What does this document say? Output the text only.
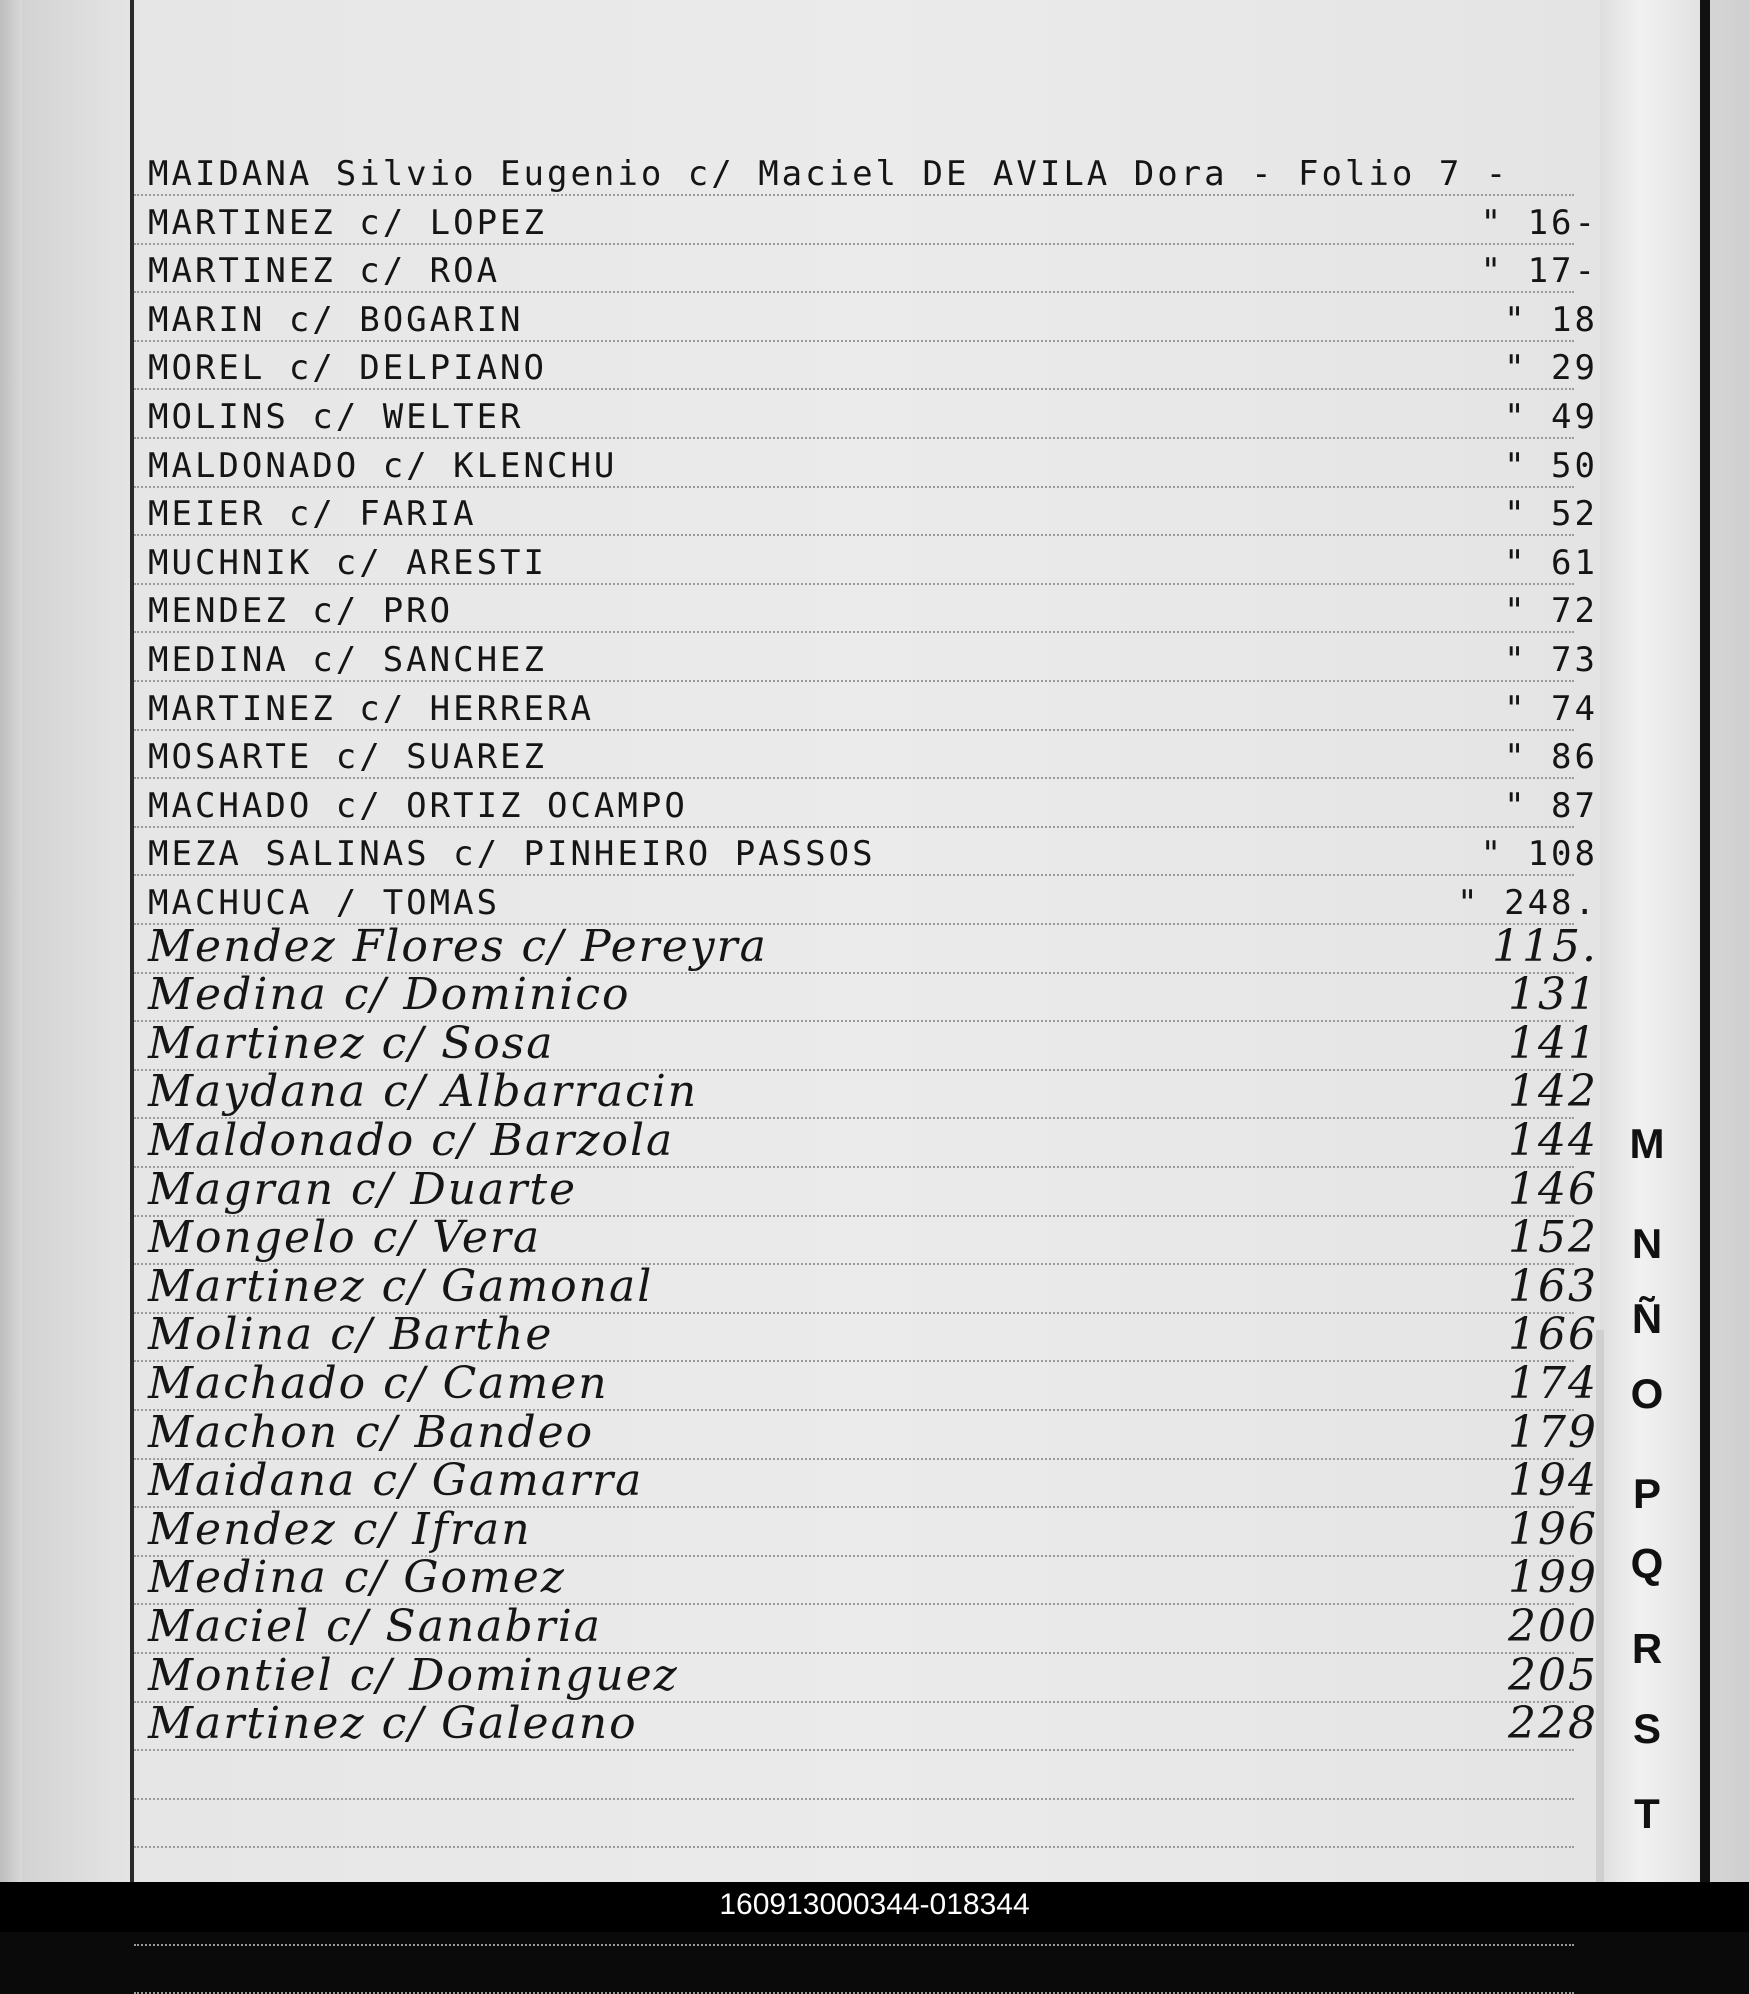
MAIDANA Silvio Eugenio c/ Maciel DE AVILA Dora - Folio 7 -
MARTINEZ c/ LOPEZ	" 16-
MARTINEZ c/ ROA	" 17-
MARIN c/ BOGARIN	" 18
MOREL c/ DELPIANO	" 29
MOLINS c/ WELTER	" 49
MALDONADO c/ KLENCHU	" 50
MEIER c/ FARIA	" 52
MUCHNIK c/ ARESTI	" 61
MENDEZ c/ PRO	" 72
MEDINA c/ SANCHEZ	" 73
MARTINEZ c/ HERRERA	" 74
MOSARTE c/ SUAREZ	" 86
MACHADO c/ ORTIZ OCAMPO	" 87
MEZA SALINAS c/ PINHEIRO PASSOS	" 108
MACHUCA / TOMAS	" 248.
Mendez Flores c/ Pereyra	115.
Medina c/ Dominico	131
Martinez c/ Sosa	141
Maydana c/ Albarracin	142
Maldonado c/ Barzola	144
Magran c/ Duarte	146
Mongelo c/ Vera	152
Martinez c/ Gamonal	163
Molina c/ Barthe	166
Machado c/ Camen	174
Machon c/ Bandeo	179
Maidana c/ Gamarra	194
Mendez c/ Ifran	196
Medina c/ Gomez	199
Maciel c/ Sanabria	200
Montiel c/ Dominguez	205
Martinez c/ Galeano	228
M
N
Ñ
O
P
Q
R
S
T
160913000344-018344
